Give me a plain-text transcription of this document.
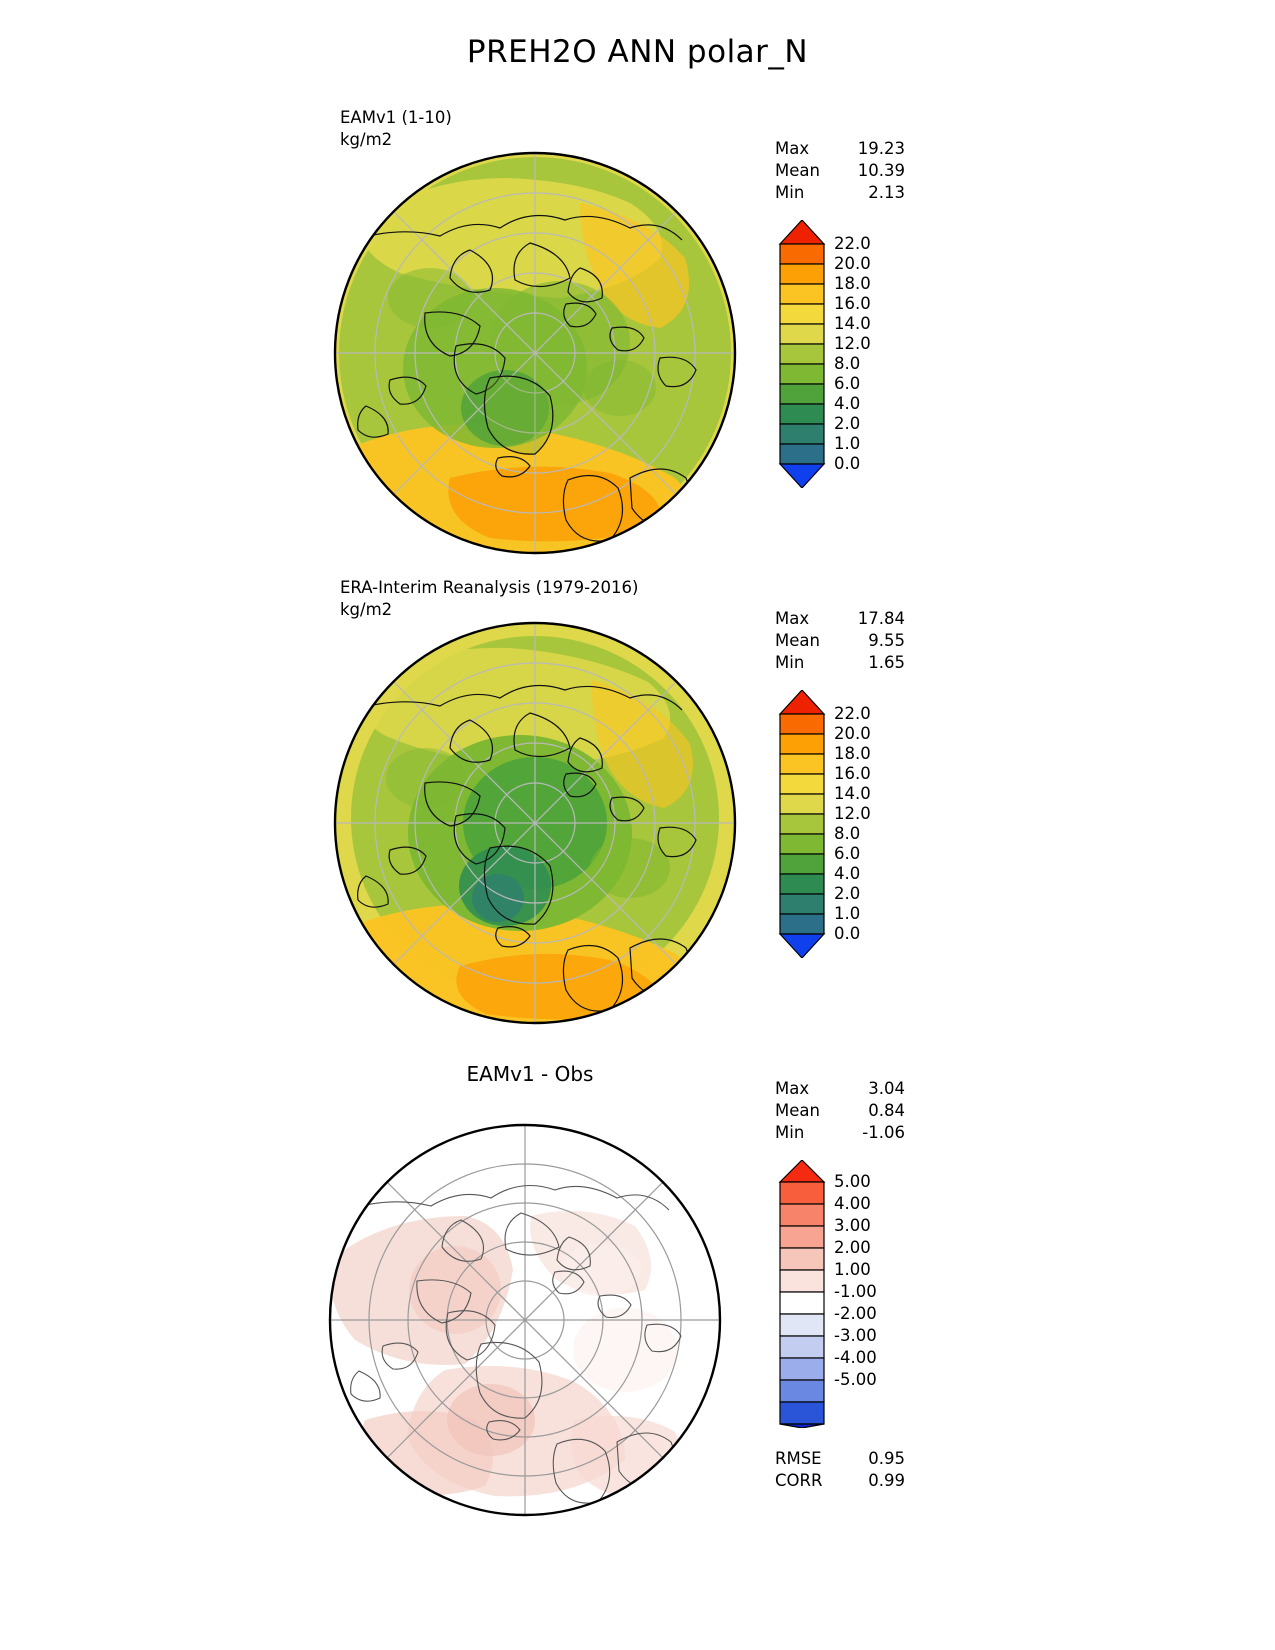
PREH2O ANN polar_N
EAMv1 (1-10)
kg/m2	Max	19.23
Mean 10.39
Min	2.13
22.0
20.0
18.0
16.0
14.0
12.0
8.0
6.0
4.0
2.0
1.0
0.0
ERA-Interim Reanalysis (1979-2016)
kg/m2	Max	17.84
Mean	9.55
Min	1.65
22.0
20.0
18.0
16.0
14.0
12.0
8.0
6.0
4.0
2.0
1.0
0.0
EAMv1 - Obs
Max	3.04
Mean	0.84
Min	-1.06
5.00
4.00
3.00
2.00
1.00
-1.00
-2.00
-3.00
-4.00
-5.00
RMSE	0.95
CORR	0.99
